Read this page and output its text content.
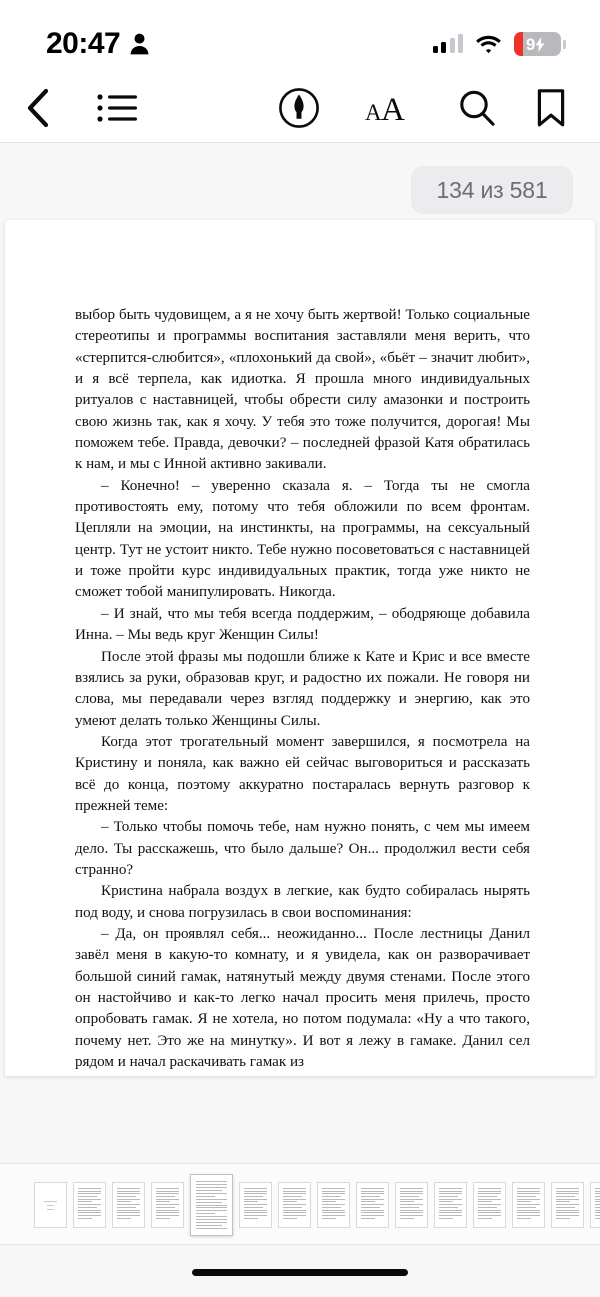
20:47	9
A A
134 из 581

выбор быть чудовищем, а я не хочу быть жертвой! Только социальные стереотипы и программы воспитания заставляли меня верить, что «стерпится-слюбится», «плохонький да свой», «бьёт – значит любит», и я всё терпела, как идиотка. Я прошла много индивидуальных ритуалов с наставницей, чтобы обрести силу амазонки и построить свою жизнь так, как я хочу. У тебя это тоже получится, дорогая! Мы поможем тебе. Правда, девочки? – последней фразой Катя обратилась к нам, и мы с Инной активно закивали.

– Конечно! – уверенно сказала я. – Тогда ты не смогла противостоять ему, потому что тебя обложили по всем фронтам. Цепляли на эмоции, на инстинкты, на программы, на сексуальный центр. Тут не устоит никто. Тебе нужно посоветоваться с наставницей и тоже пройти курс индивидуальных практик, тогда уже никто не сможет тобой манипулировать. Никогда.

– И знай, что мы тебя всегда поддержим, – ободряюще добавила Инна. – Мы ведь круг Женщин Силы!

После этой фразы мы подошли ближе к Кате и Крис и все вместе взялись за руки, образовав круг, и радостно их пожали. Не говоря ни слова, мы передавали через взгляд поддержку и энергию, как это умеют делать только Женщины Силы.

Когда этот трогательный момент завершился, я посмотрела на Кристину и поняла, как важно ей сейчас выговориться и рассказать всё до конца, поэтому аккуратно постаралась вернуть разговор к прежней теме:

– Только чтобы помочь тебе, нам нужно понять, с чем мы имеем дело. Ты расскажешь, что было дальше? Он... продолжил вести себя странно?

Кристина набрала воздух в легкие, как будто собиралась нырять под воду, и снова погрузилась в свои воспоминания:

– Да, он проявлял себя... неожиданно... После лестницы Данил завёл меня в какую-то комнату, и я увидела, как он разворачивает большой синий гамак, натянутый между двумя стенами. После этого он настойчиво и как-то легко начал просить меня прилечь, просто опробовать гамак. Я не хотела, но потом подумала: «Ну а что такого, почему нет. Это же на минутку». И вот я лежу в гамаке. Данил сел рядом и начал раскачивать гамак из
